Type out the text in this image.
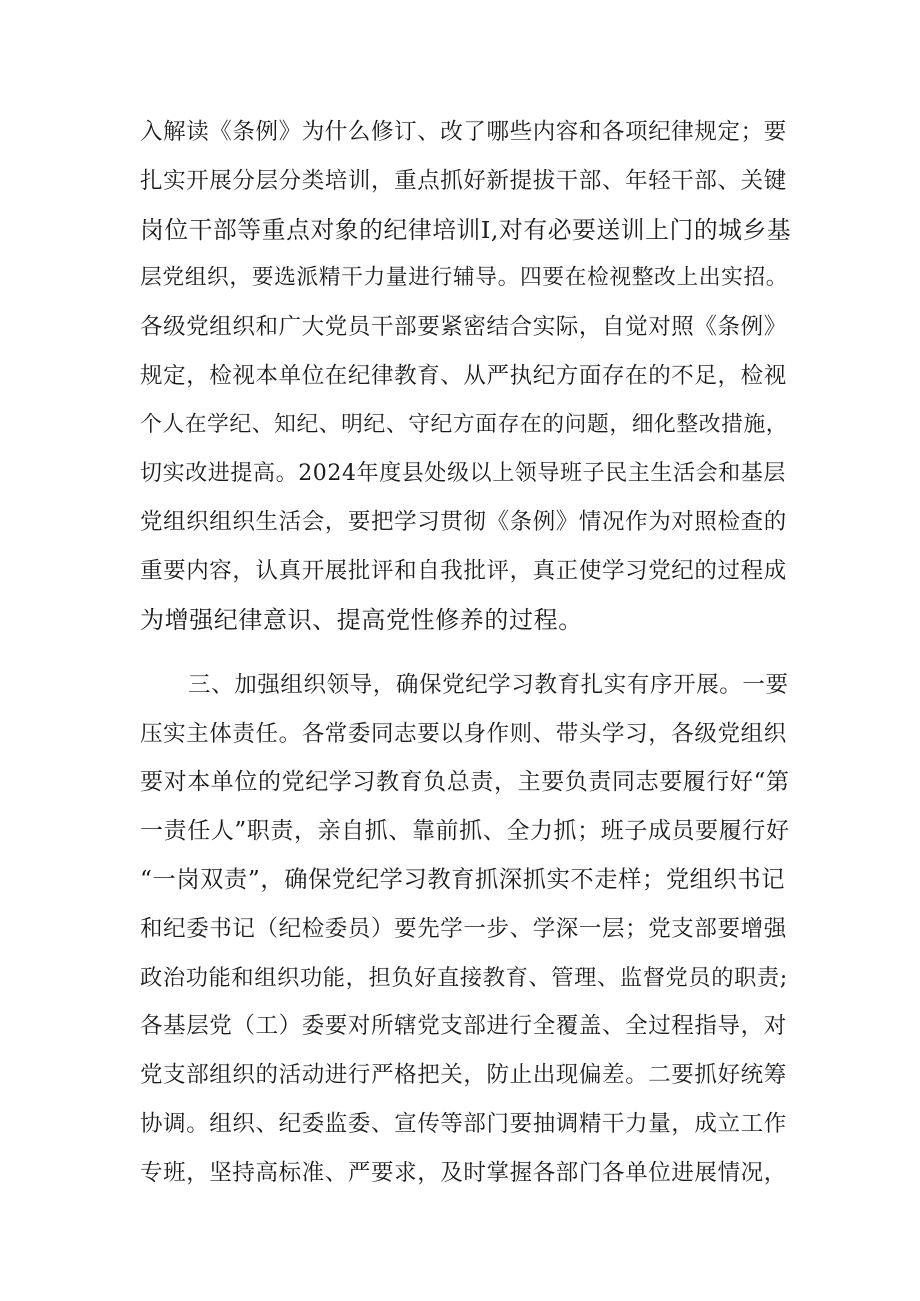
入解读《条例》为什么修订、改了哪些内容和各项纪律规定；要
扎实开展分层分类培训，重点抓好新提拔干部、年轻干部、关键
岗位干部等重点对象的纪律培训I,对有必要送训上门的城乡基
层党组织，要选派精干力量进行辅导。四要在检视整改上出实招。
各级党组织和广大党员干部要紧密结合实际，自觉对照《条例》
规定，检视本单位在纪律教育、从严执纪方面存在的不足，检视
个人在学纪、知纪、明纪、守纪方面存在的问题，细化整改措施，
切实改进提高。2024年度县处级以上领导班子民主生活会和基层
党组织组织生活会，要把学习贯彻《条例》情况作为对照检查的
重要内容，认真开展批评和自我批评，真正使学习党纪的过程成
为增强纪律意识、提高党性修养的过程。
三、加强组织领导，确保党纪学习教育扎实有序开展。一要
压实主体责任。各常委同志要以身作则、带头学习，各级党组织
要对本单位的党纪学习教育负总责，主要负责同志要履行好“第
一责任人”职责，亲自抓、靠前抓、全力抓；班子成员要履行好
“一岗双责”，确保党纪学习教育抓深抓实不走样；党组织书记
和纪委书记（纪检委员）要先学一步、学深一层；党支部要增强
政治功能和组织功能，担负好直接教育、管理、监督党员的职责;
各基层党（工）委要对所辖党支部进行全覆盖、全过程指导，对
党支部组织的活动进行严格把关，防止出现偏差。二要抓好统筹
协调。组织、纪委监委、宣传等部门要抽调精干力量，成立工作
专班，坚持高标准、严要求，及时掌握各部门各单位进展情况，
